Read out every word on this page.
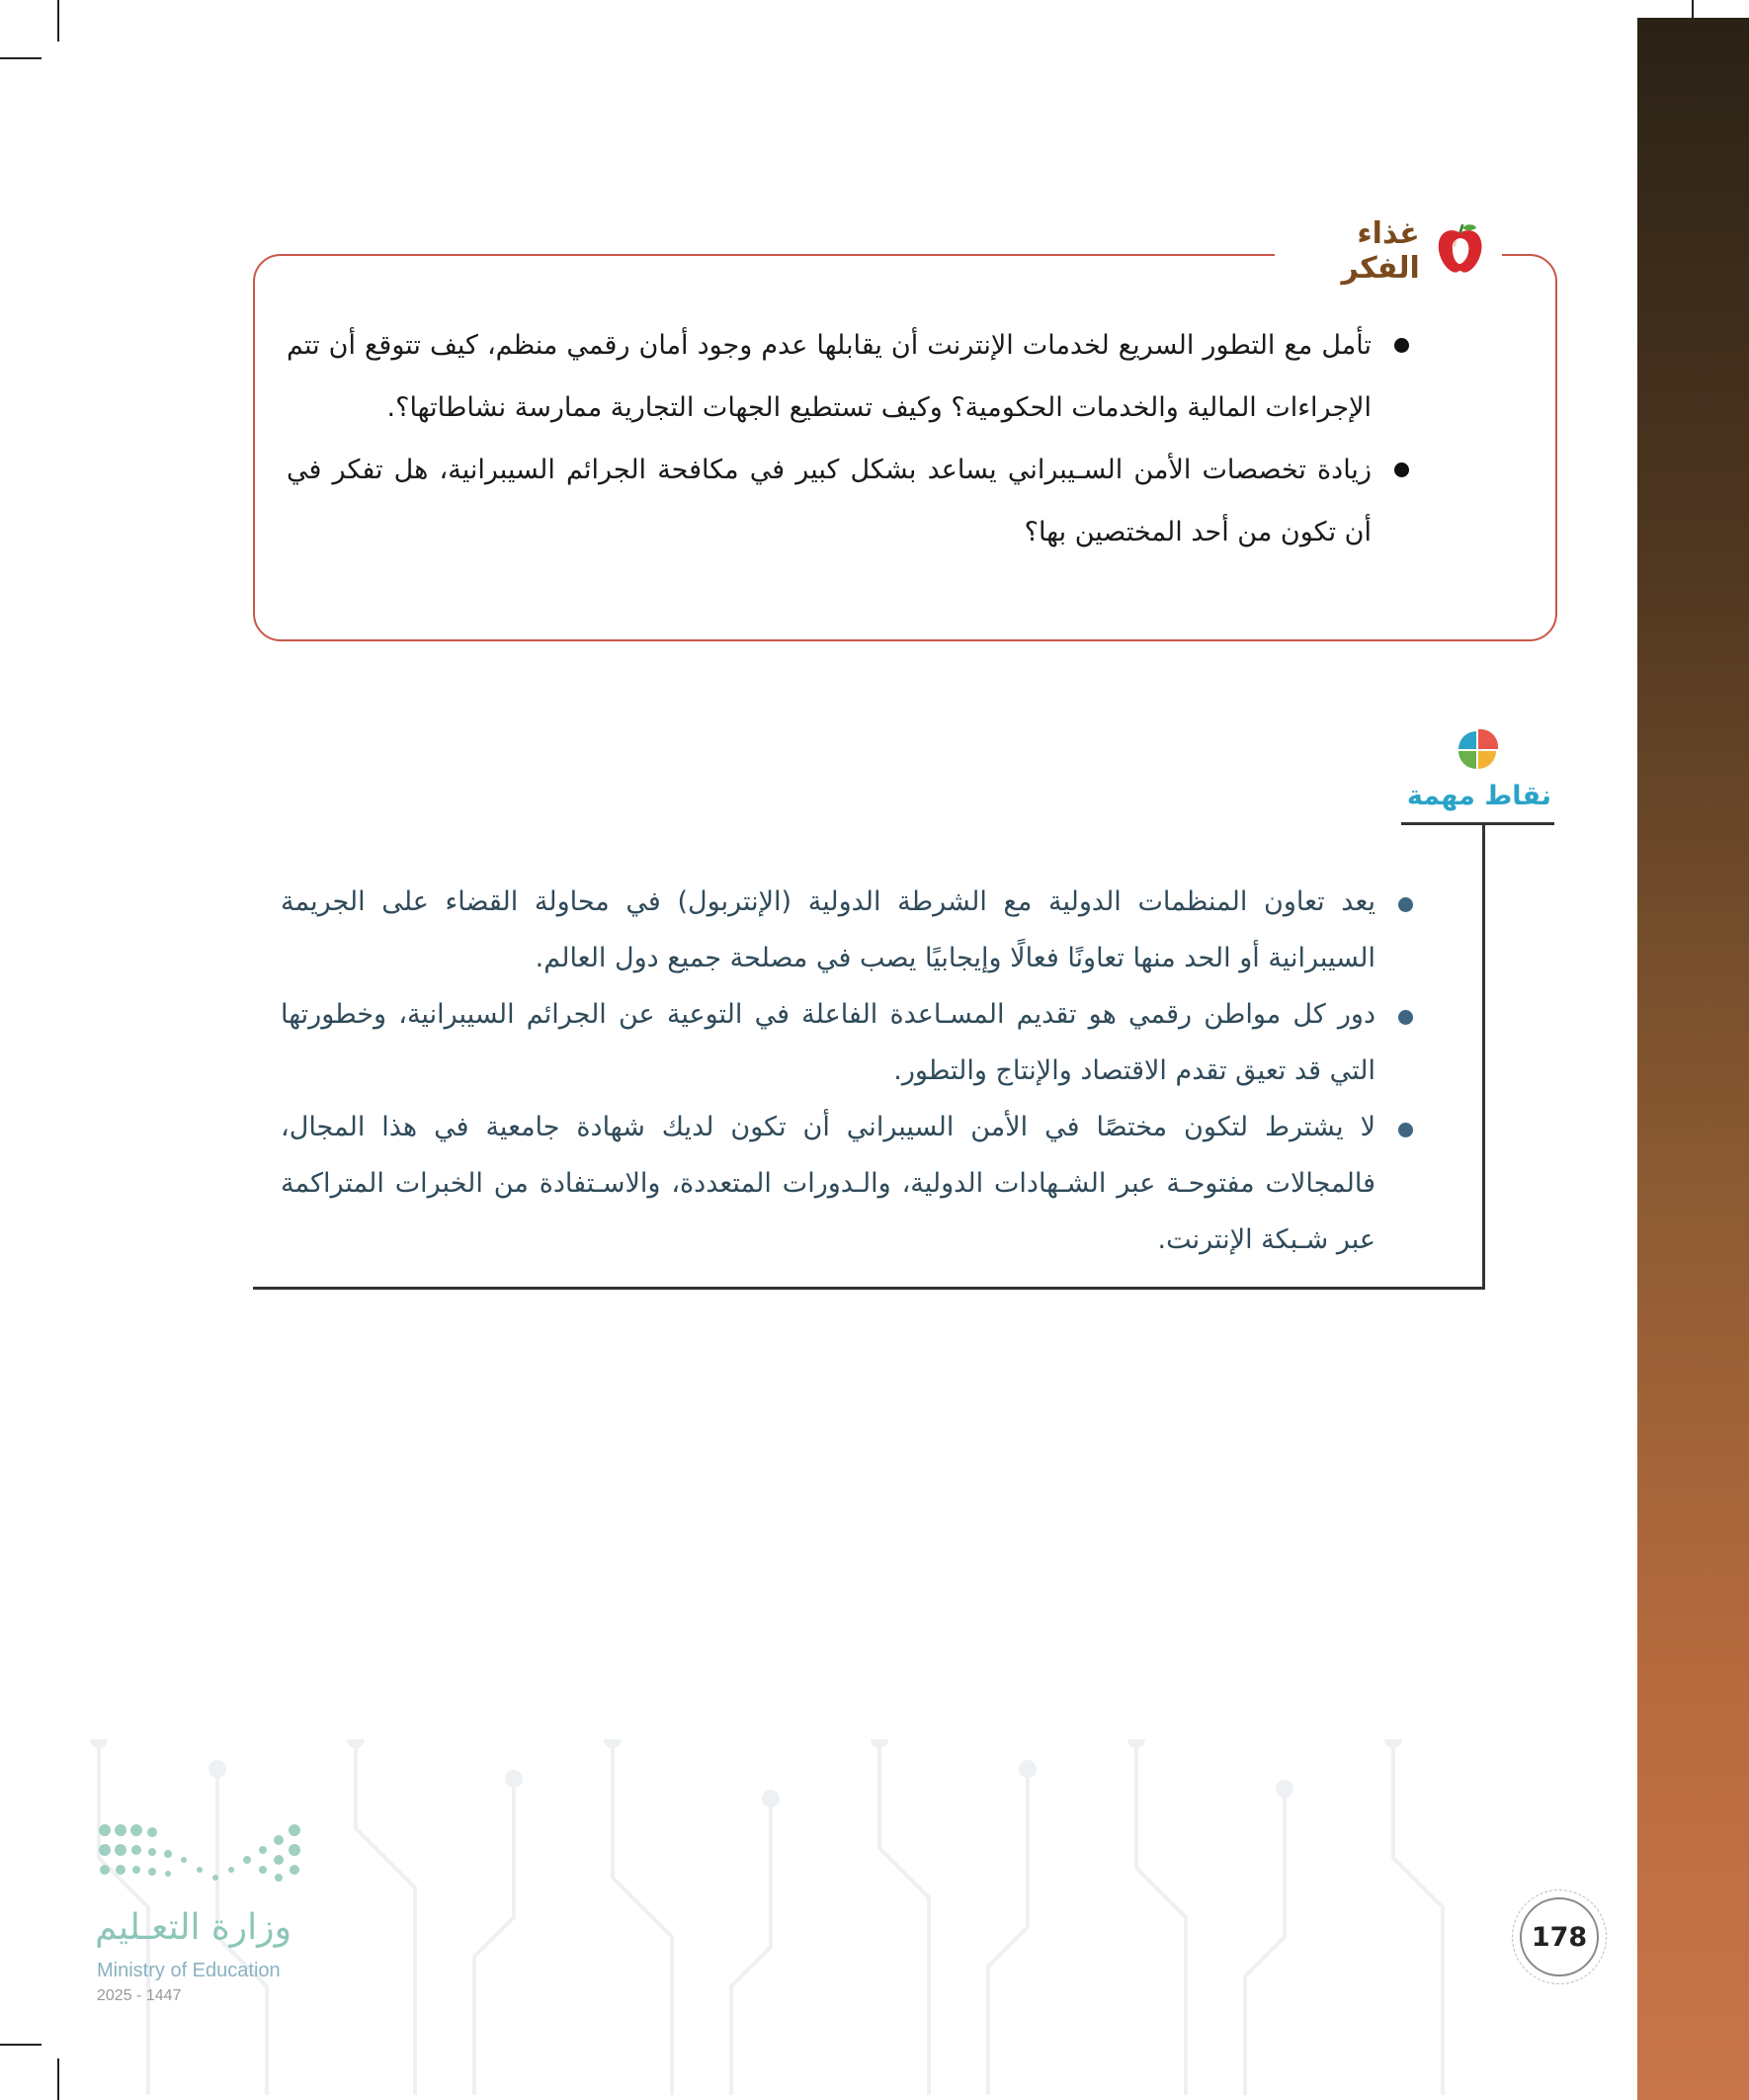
غذاء الفكر
تأمل مع التطور السريع لخدمات الإنترنت أن يقابلها عدم وجود أمان رقمي منظم، كيف تتوقع أن تتم الإجراءات المالية والخدمات الحكومية؟ وكيف تستطيع الجهات التجارية ممارسة نشاطاتها؟.
زيادة تخصصات الأمن السـيبراني يساعد بشكل كبير في مكافحة الجرائم السيبرانية، هل تفكر في أن تكون من أحد المختصين بها؟
نقاط مهمة
يعد تعاون المنظمات الدولية مع الشرطة الدولية (الإنتربول) في محاولة القضاء على الجريمة السيبرانية أو الحد منها تعاونًا فعالًا وإيجابيًا يصب في مصلحة جميع دول العالم.
دور كل مواطن رقمي هو تقديم المسـاعدة الفاعلة في التوعية عن الجرائم السيبرانية، وخطورتها التي قد تعيق تقدم الاقتصاد والإنتاج والتطور.
لا يشترط لتكون مختصًا في الأمن السيبراني أن تكون لديك شهادة جامعية في هذا المجال، فالمجالات مفتوحـة عبر الشـهادات الدولية، والـدورات المتعددة، والاسـتفادة من الخبرات المتراكمة عبر شـبكة الإنترنت.
178
وزارة التعـليم
Ministry of Education
2025 - 1447
